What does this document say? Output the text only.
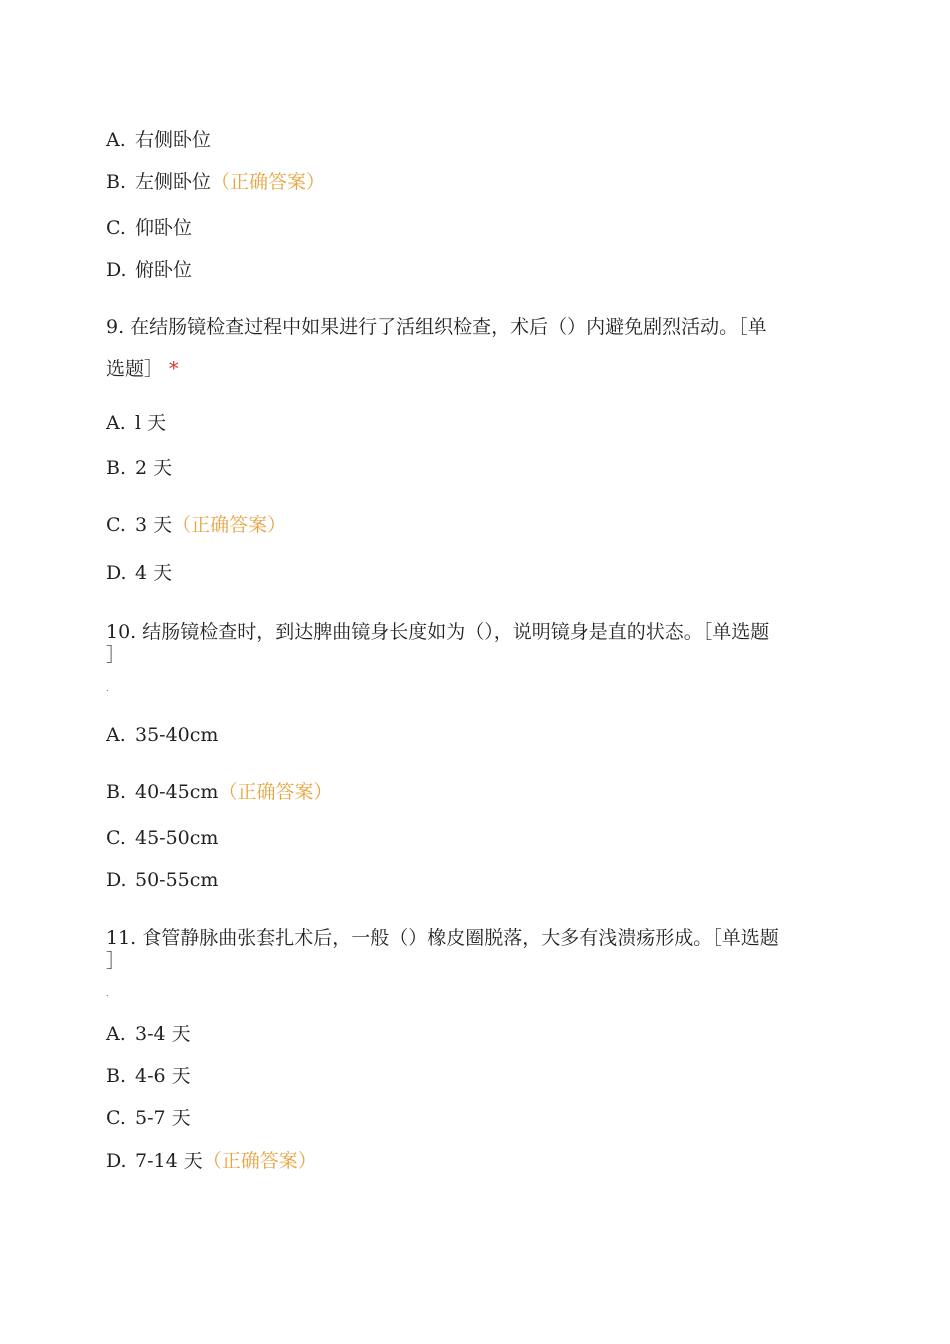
A. 右侧卧位
B. 左侧卧位（正确答案）
C. 仰卧位
D. 俯卧位
9. 在结肠镜检查过程中如果进行了活组织检查，术后（）内避免剧烈活动。［单
选题］ *
A. l 天
B. 2 天
C. 3 天（正确答案）
D. 4 天
10. 结肠镜检查时，到达脾曲镜身长度如为（），说明镜身是直的状态。［单选题
］
.
A. 35-40cm
B. 40-45cm（正确答案）
C. 45-50cm
D. 50-55cm
11. 食管静脉曲张套扎术后，一般（）橡皮圈脱落，大多有浅溃疡形成。［单选题
］
.
A. 3-4 天
B. 4-6 天
C. 5-7 天
D. 7-14 天（正确答案）
